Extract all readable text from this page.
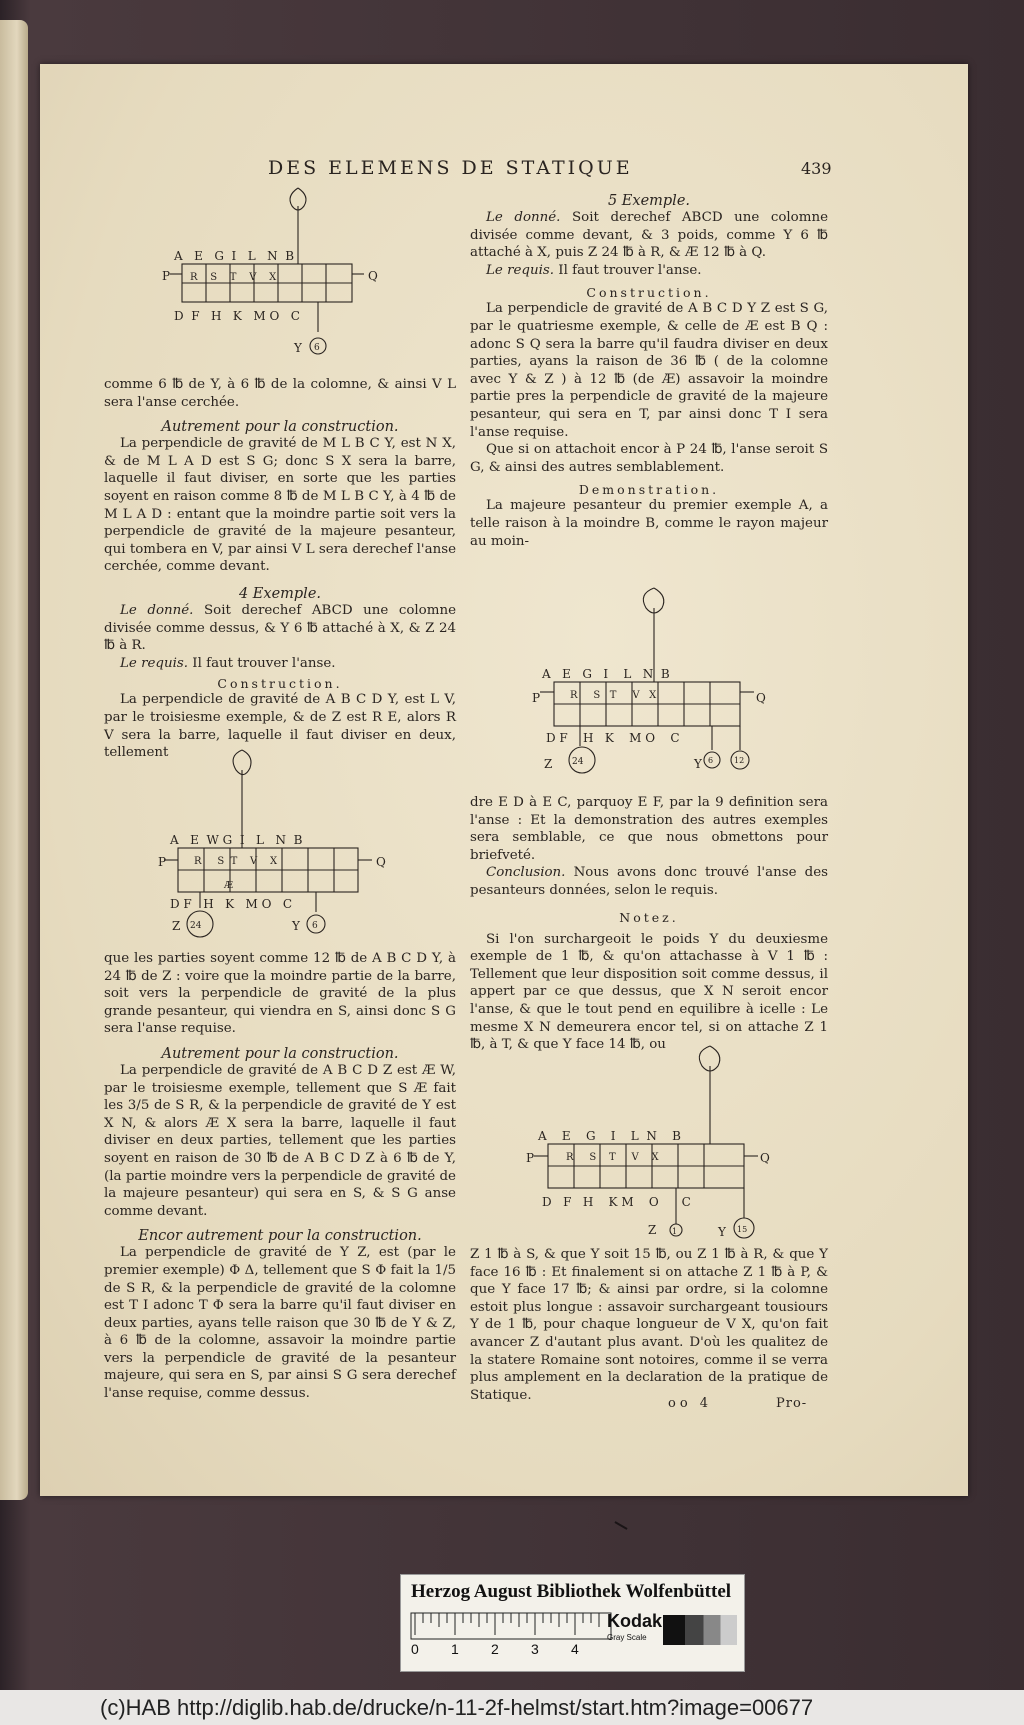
DES ELEMENS DE STATIQUE	439
A   E   G  I   L   N  B
R    S    T    V    X
P	Q
D  F   H   K   M O   C
Y 6

comme 6 ℔ de Y, à 6 ℔ de la colomne, & ainsi V L sera l'anse cerchée.

Autrement pour la construction.

La perpendicle de gravité de M L B C Y, est N X, & de M L A D est S G; donc S X sera la barre, laquelle il faut diviser, en sorte que les parties soyent en raison comme 8 ℔ de M L B C Y, à 4 ℔ de M L A D : entant que la moindre partie soit vers la perpendicle de gravité de la majeure pesanteur, qui tombera en V, par ainsi V L sera derechef l'anse cerchée, comme devant.

4 Exemple.

Le donné. Soit derechef ABCD une colomne divisée comme dessus, & Y 6 ℔ attaché à X, & Z 24 ℔ à R.

Le requis. Il faut trouver l'anse.

Construction.

La perpendicle de gravité de A B C D Y, est L V, par le troisiesme exemple, & de Z est R E, alors R V sera la barre, laquelle il faut diviser en deux, tellement

A   E  W G  I   L   N  B
R     S  T    V    X
Æ
P	Q
D F   H   K   M O   C
Z 24	Y 6

que les parties soyent comme 12 ℔ de A B C D Y, à 24 ℔ de Z : voire que la moindre partie de la barre, soit vers la perpendicle de gravité de la plus grande pesanteur, qui viendra en S, ainsi donc S G sera l'anse requise.

Autrement pour la construction.

La perpendicle de gravité de A B C D Z est Æ W, par le troisiesme exemple, tellement que S Æ fait les 3/5 de S R, & la perpendicle de gravité de Y est X N, & alors Æ X sera la barre, laquelle il faut diviser en deux parties, tellement que les parties soyent en raison de 30 ℔ de A B C D Z à 6 ℔ de Y, (la partie moindre vers la perpendicle de gravité de la majeure pesanteur) qui sera en S, & S G anse comme devant.

Encor autrement pour la construction.

La perpendicle de gravité de Y Z, est (par le premier exemple) Φ Δ, tellement que S Φ fait la 1/5 de S R, & la perpendicle de gravité de la colomne est T I adonc T Φ sera la barre qu'il faut diviser en deux parties, ayans telle raison que 30 ℔ de Y & Z, à 6 ℔ de la colomne, assavoir la moindre partie vers la perpendicle de gravité de la pesanteur majeure, qui sera en S, par ainsi S G sera derechef l'anse requise, comme dessus.

5 Exemple.

Le donné. Soit derechef ABCD une colomne divisée comme devant, & 3 poids, comme Y 6 ℔ attaché à X, puis Z 24 ℔ à R, & Æ 12 ℔ à Q.

Le requis. Il faut trouver l'anse.

Construction.

La perpendicle de gravité de A B C D Y Z est S G, par le quatriesme exemple, & celle de Æ est B Q : adonc S Q sera la barre qu'il faudra diviser en deux parties, ayans la raison de 36 ℔ ( de la colomne avec Y & Z ) à 12 ℔ (de Æ) assavoir la moindre partie pres la perpendicle de gravité de la majeure pesanteur, qui sera en T, par ainsi donc T I sera l'anse requise.

Que si on attachoit encor à P 24 ℔, l'anse seroit S G, & ainsi des autres semblablement.

Demonstration.

La majeure pesanteur du premier exemple A, a telle raison à la moindre B, comme le rayon majeur au moin-

A   E   G   I    L   N  B
R     S   T     V   X
P	Q
D F    H   K    M O    C
Z 24	Y 6	12

dre E D à E C, parquoy E F, par la 9 definition sera l'anse : Et la demonstration des autres exemples sera semblable, ce que nous obmettons pour briefveté.

Conclusion. Nous avons donc trouvé l'anse des pesanteurs données, selon le requis.

Notez.

Si l'on surchargeoit le poids Y du deuxiesme exemple de 1 ℔, & qu'on attachasse à V 1 ℔ : Tellement que leur disposition soit comme dessus, il appert par ce que dessus, que X N seroit encor l'anse, & que le tout pend en equilibre à icelle : Le mesme X N demeurera encor tel, si on attache Z 1 ℔, à T, & que Y face 14 ℔, ou

A    E    G    I    L  N    B
R     S    T     V    X
P	Q
D   F   H    K M    O      C
Z 1	Y 15

Z 1 ℔ à S, & que Y soit 15 ℔, ou Z 1 ℔ à R, & que Y face 16 ℔ : Et finalement si on attache Z 1 ℔ à P, & que Y face 17 ℔; & ainsi par ordre, si la colomne estoit plus longue : assavoir surchargeant tousiours Y de 1 ℔, pour chaque longueur de V X, qu'on fait avancer Z d'autant plus avant. D'où les qualitez de la statere Romaine sont notoires, comme il se verra plus amplement en la declaration de la pratique de Statique.

oo 4	Pro-
Herzog August Bibliothek Wolfenbüttel
0 1 2 3 4
Kodak
Gray Scale
(c)HAB http://diglib.hab.de/drucke/n-11-2f-helmst/start.htm?image=00677
